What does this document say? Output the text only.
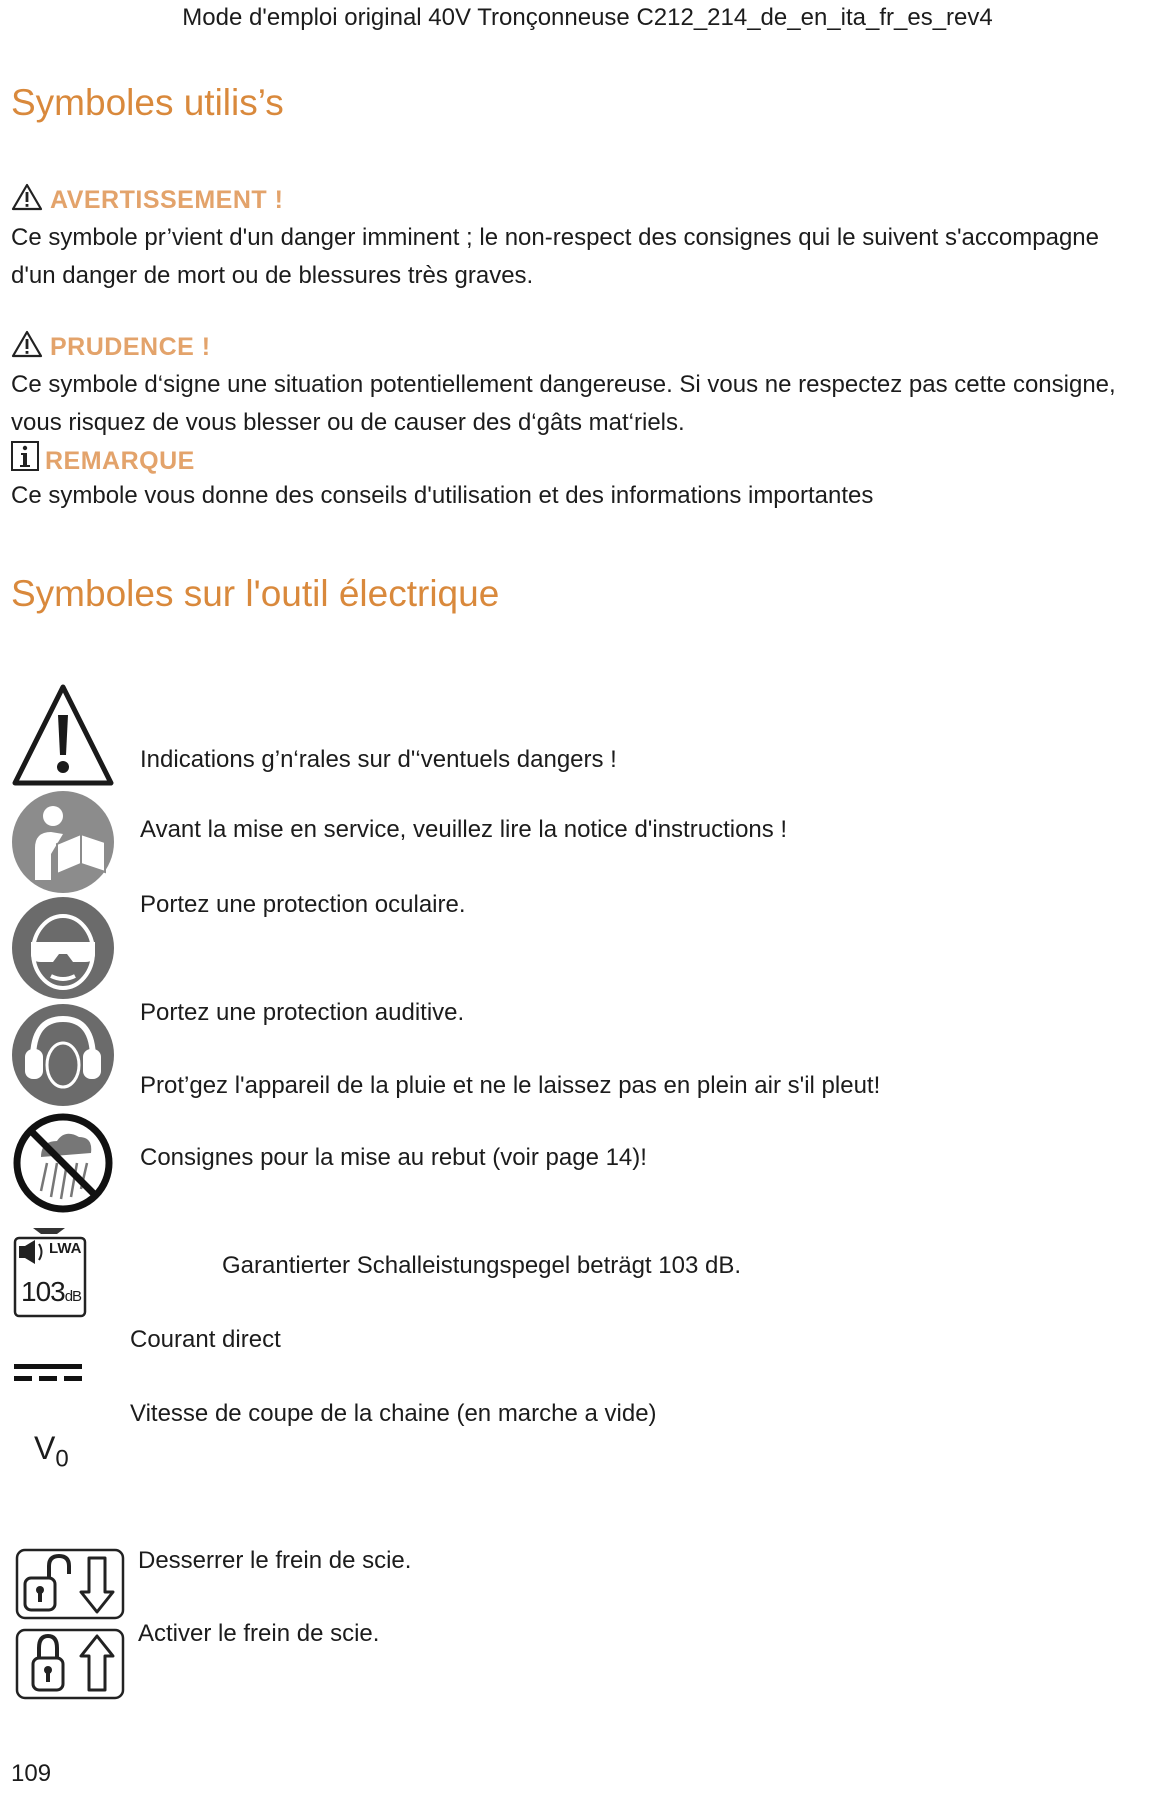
Mode d'emploi original 40V Tronçonneuse C212_214_de_en_ita_fr_es_rev4
Symboles utilis’s
AVERTISSEMENT !
Ce symbole pr’vient d'un danger imminent ; le non-respect des consignes qui le suivent s'accompagne
d'un danger de mort ou de blessures très graves.
PRUDENCE !
Ce symbole d‘signe une situation potentiellement dangereuse. Si vous ne respectez pas cette consigne,
vous risquez de vous blesser ou de causer des d‘gâts mat‘riels.
REMARQUE
Ce symbole vous donne des conseils d'utilisation et des informations importantes
Symboles sur l'outil électrique
Indications g’n‘rales sur d'‘ventuels dangers !
Avant la mise en service, veuillez lire la notice d'instructions !
Portez une protection oculaire.
Portez une protection auditive.
Prot’gez l'appareil de la pluie et ne le laissez pas en plein air s'il pleut!
Consignes pour la mise au rebut (voir page 14)!
LWA
103dB
Garantierter Schalleistungspegel beträgt 103 dB.
Courant direct
Vitesse de coupe de la chaine (en marche a vide)
$V_0$
Desserrer le frein de scie.
Activer le frein de scie.
109
